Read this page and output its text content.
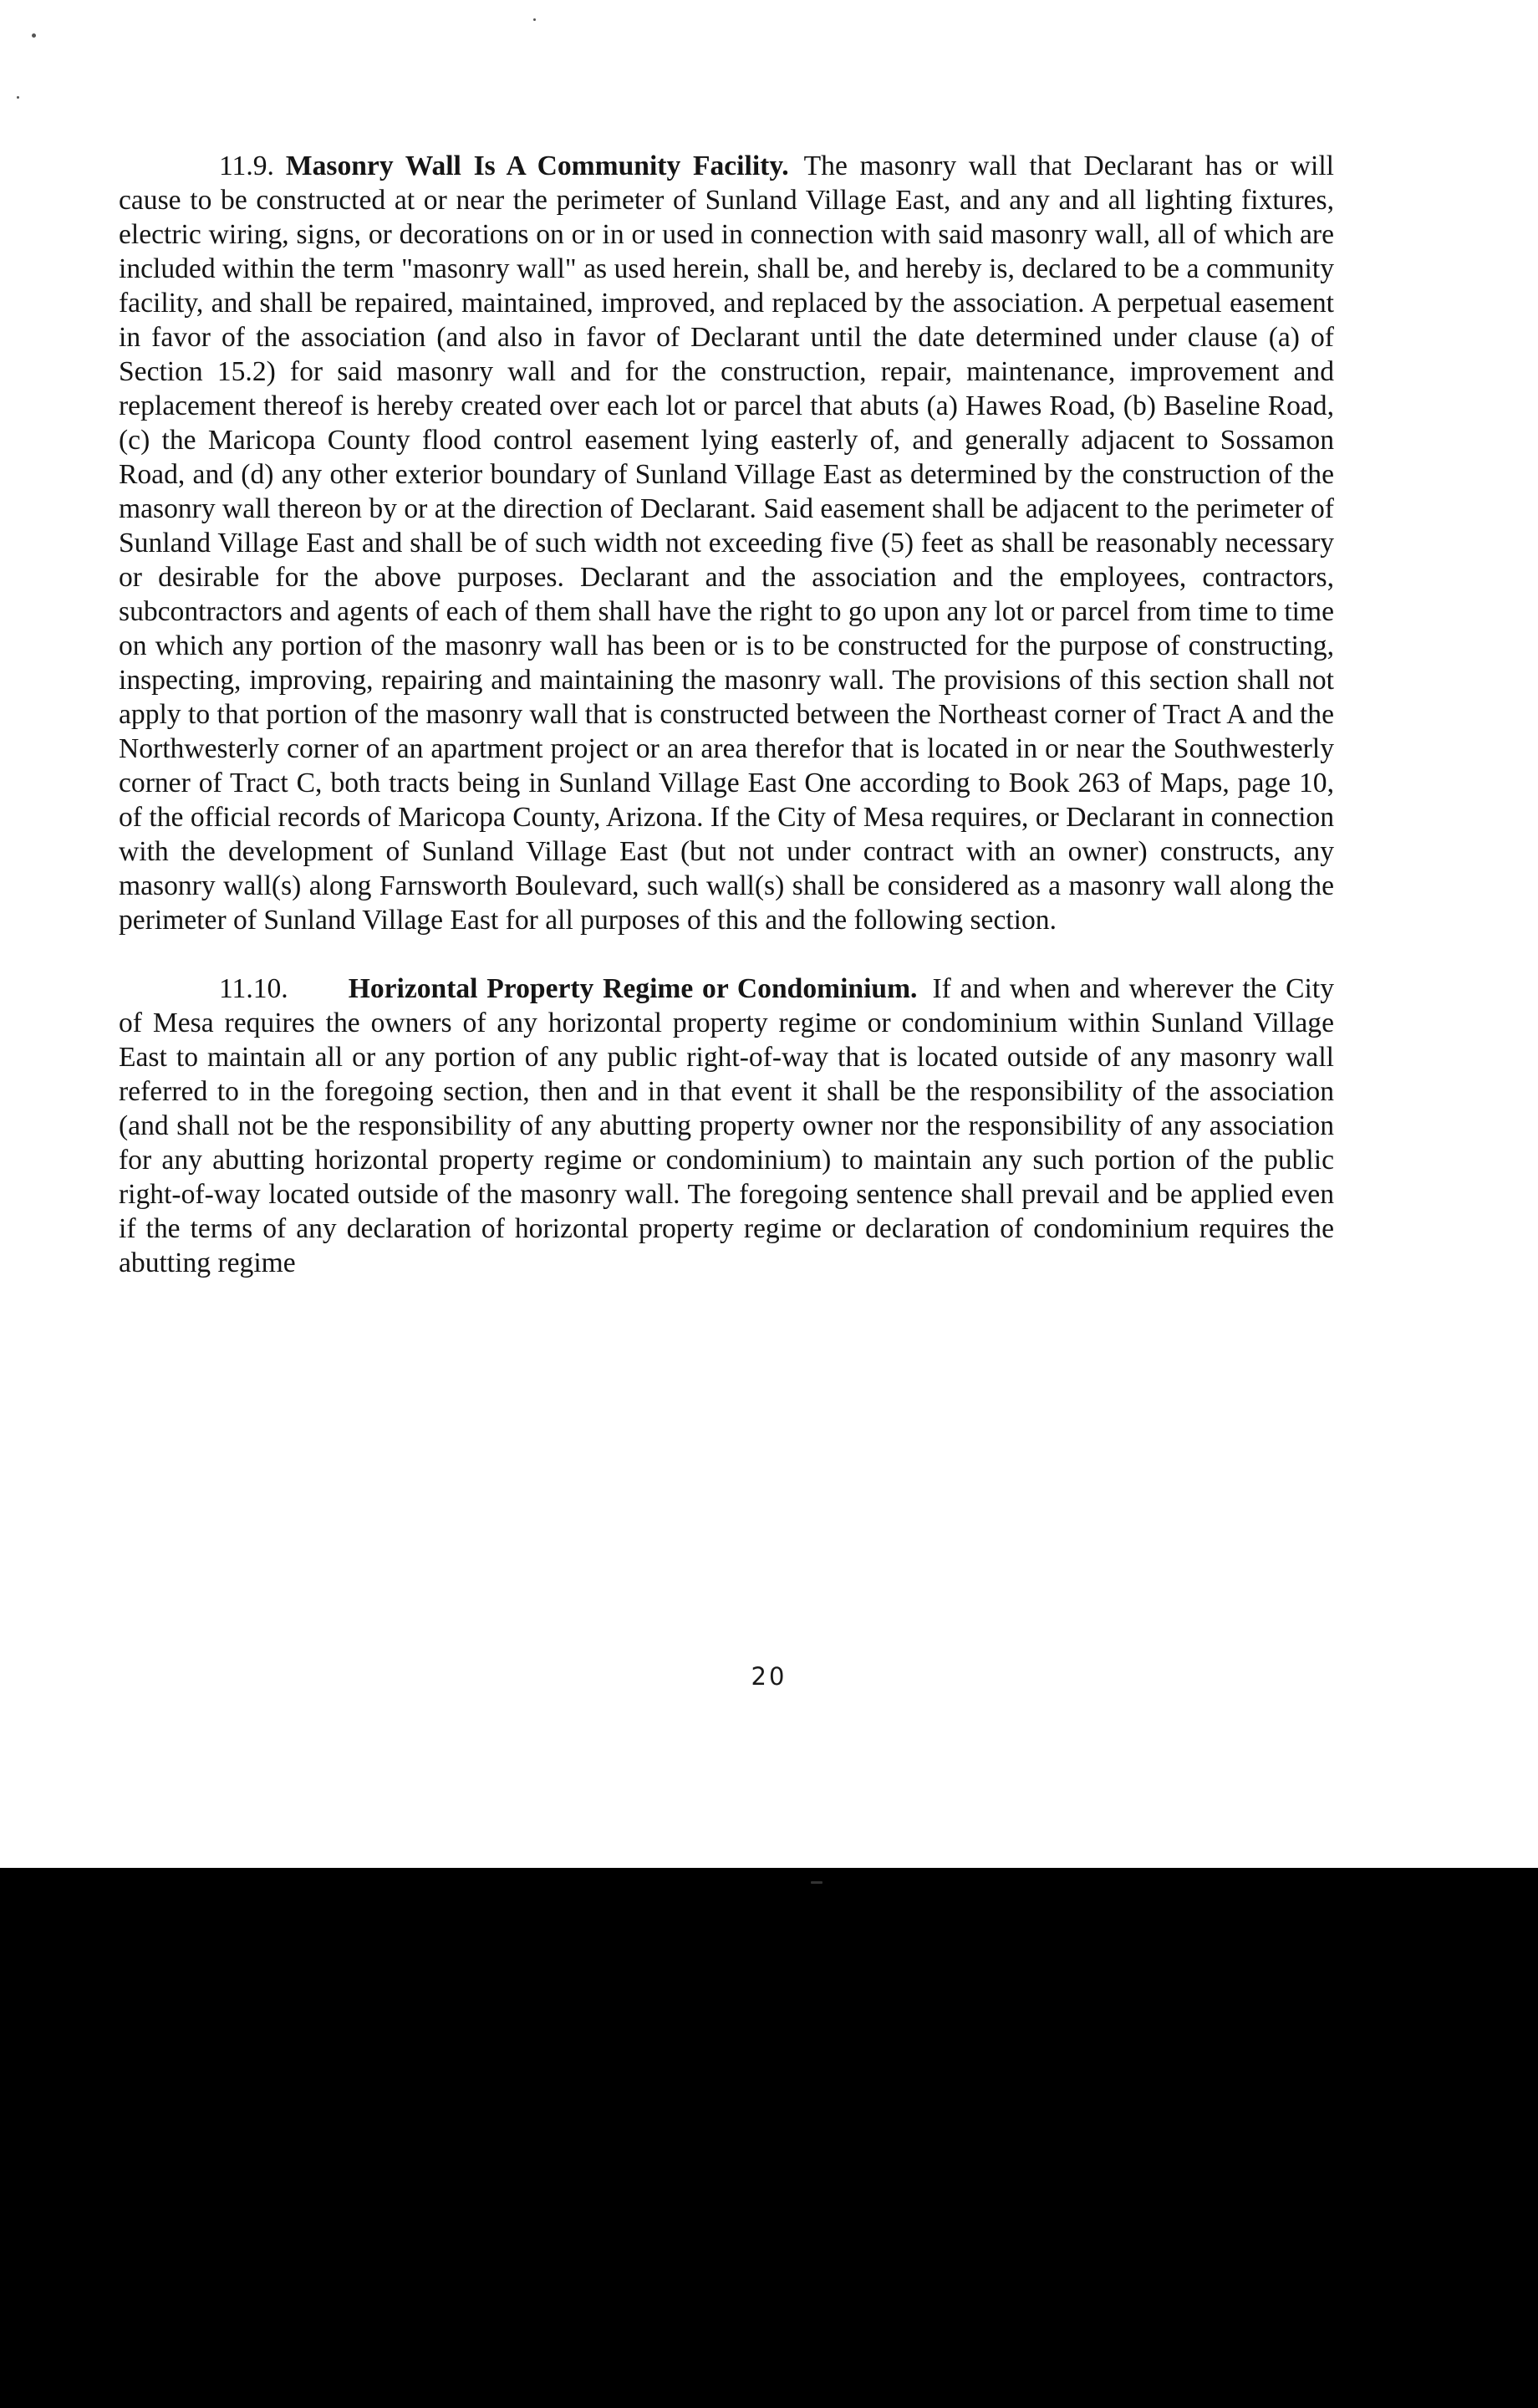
11.9. Masonry Wall Is A Community Facility. The masonry wall that Declarant has or will cause to be constructed at or near the perimeter of Sunland Village East, and any and all lighting fixtures, electric wiring, signs, or decorations on or in or used in connection with said masonry wall, all of which are included within the term "masonry wall" as used herein, shall be, and hereby is, declared to be a community facility, and shall be repaired, maintained, improved, and replaced by the association. A perpetual easement in favor of the association (and also in favor of Declarant until the date determined under clause (a) of Section 15.2) for said masonry wall and for the construction, repair, maintenance, improvement and replacement thereof is hereby created over each lot or parcel that abuts (a) Hawes Road, (b) Baseline Road, (c) the Maricopa County flood control easement lying easterly of, and generally adjacent to Sossamon Road, and (d) any other exterior boundary of Sunland Village East as determined by the construction of the masonry wall thereon by or at the direction of Declarant. Said easement shall be adjacent to the perimeter of Sunland Village East and shall be of such width not exceeding five (5) feet as shall be reasonably necessary or desirable for the above purposes. Declarant and the association and the employees, contractors, subcontractors and agents of each of them shall have the right to go upon any lot or parcel from time to time on which any portion of the masonry wall has been or is to be constructed for the purpose of constructing, inspecting, improving, repairing and maintaining the masonry wall. The provisions of this section shall not apply to that portion of the masonry wall that is constructed between the Northeast corner of Tract A and the Northwesterly corner of an apartment project or an area therefor that is located in or near the Southwesterly corner of Tract C, both tracts being in Sunland Village East One according to Book 263 of Maps, page 10, of the official records of Maricopa County, Arizona. If the City of Mesa requires, or Declarant in connection with the development of Sunland Village East (but not under contract with an owner) constructs, any masonry wall(s) along Farnsworth Boulevard, such wall(s) shall be considered as a masonry wall along the perimeter of Sunland Village East for all purposes of this and the following section.

11.10. Horizontal Property Regime or Condominium. If and when and wherever the City of Mesa requires the owners of any horizontal property regime or condominium within Sunland Village East to maintain all or any portion of any public right-of-way that is located outside of any masonry wall referred to in the foregoing section, then and in that event it shall be the responsibility of the association (and shall not be the responsibility of any abutting property owner nor the responsibility of any association for any abutting horizontal property regime or condominium) to maintain any such portion of the public right-of-way located outside of the masonry wall. The foregoing sentence shall prevail and be applied even if the terms of any declaration of horizontal property regime or declaration of condominium requires the abutting regime

20
